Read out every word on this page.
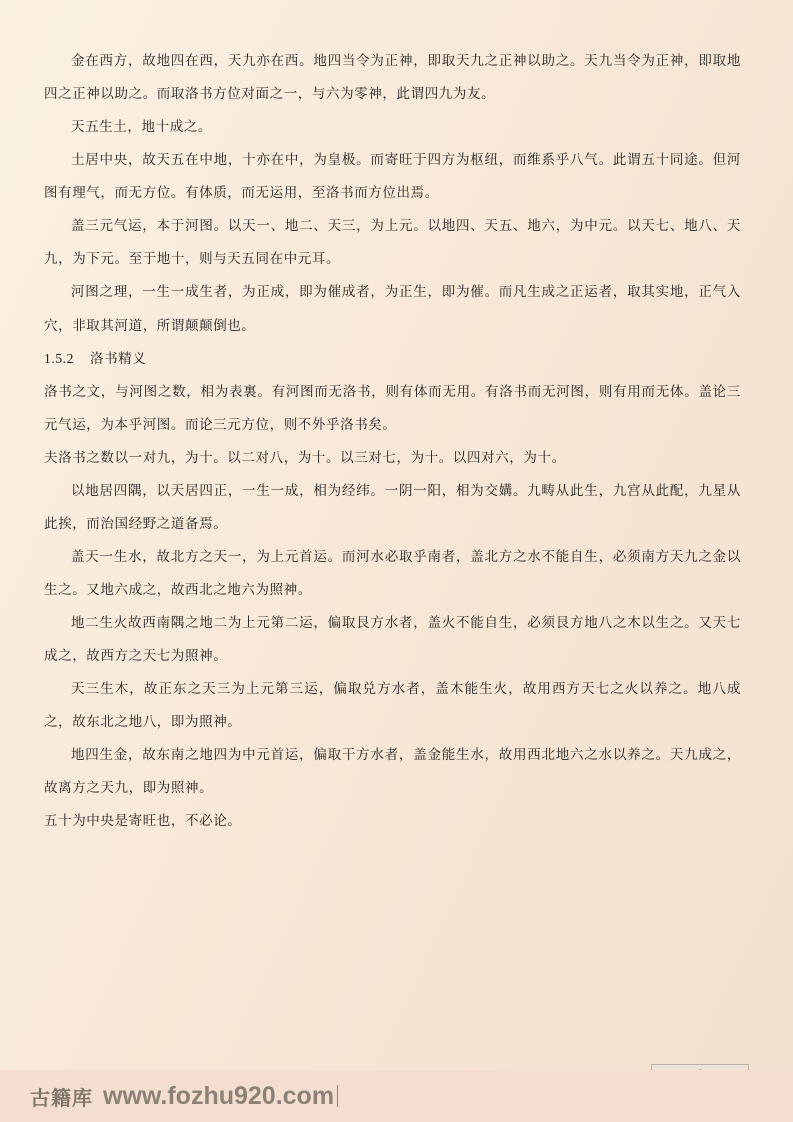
金在西方，故地四在西，天九亦在西。地四当令为正神，即取天九之正神以助之。天九当令为正神，即取地四之正神以助之。而取洛书方位对面之一，与六为零神，此谓四九为友。

天五生土，地十成之。

土居中央，故天五在中地，十亦在中，为皇极。而寄旺于四方为枢纽，而维系乎八气。此谓五十同途。但河图有理气，而无方位。有体质，而无运用，至洛书而方位出焉。

盖三元气运，本于河图。以天一、地二、天三，为上元。以地四、天五、地六，为中元。以天七、地八、天九，为下元。至于地十，则与天五同在中元耳。

河图之理，一生一成生者，为正成，即为催成者，为正生，即为催。而凡生成之正运者，取其实地，正气入穴，非取其河道，所谓颠颠倒也。

1.5.2 洛书精义

洛书之文，与河图之数，相为表裏。有河图而无洛书，则有体而无用。有洛书而无河图，则有用而无体。盖论三元气运，为本乎河图。而论三元方位，则不外乎洛书矣。

夫洛书之数以一对九，为十。以二对八，为十。以三对七，为十。以四对六，为十。

以地居四隅，以天居四正，一生一成，相为经纬。一阴一阳，相为交媾。九畴从此生，九宫从此配，九星从此挨，而治国经野之道备焉。

盖天一生水，故北方之天一，为上元首运。而河水必取乎南者，盖北方之水不能自生，必须南方天九之金以生之。又地六成之，故西北之地六为照神。

地二生火故西南隅之地二为上元第二运，偏取艮方水者，盖火不能自生，必须艮方地八之木以生之。又天七成之，故西方之天七为照神。

天三生木，故正东之天三为上元第三运，偏取兑方水者，盖木能生火，故用西方天七之火以养之。地八成之，故东北之地八，即为照神。

地四生金，故东南之地四为中元首运，偏取干方水者，盖金能生水，故用西北地六之水以养之。天九成之，故离方之天九，即为照神。

五十为中央是寄旺也，不必论。

古籍库 www.fozhu920.com
